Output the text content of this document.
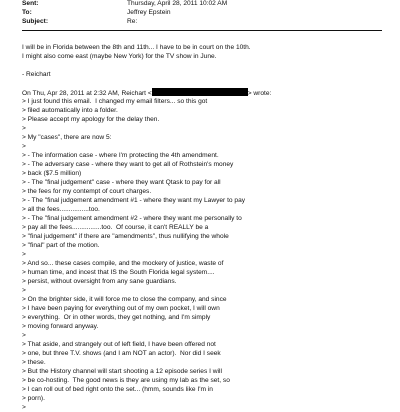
Sent:	Thursday, April 28, 2011 10:02 AM
To:	Jeffrey Epstein
Subject:	Re:
I will be in Florida between the 8th and 11th... I have to be in court on the 10th.
I might also come east (maybe New York) for the TV show in June.
- Reichart
On Thu, Apr 28, 2011 at 2:32 AM, Reichart <	> wrote:
> I just found this email.  I changed my email filters... so this got
> filed automatically into a folder.
> Please accept my apology for the delay then.
>
> My "cases", there are now 5:
>
> - The information case - where I'm protecting the 4th amendment.
> - The adversary case - where they want to get all of Rothstein's money
> back ($7.5 million)
> - The "final judgement" case - where they want Qtask to pay for all
> the fees for my contempt of court charges.
> - The "final judgement amendment #1 - where they want my Lawyer to pay
> all the fees................too.
> - The "final judgement amendment #2 - where they want me personally to
> pay all the fees................too.  Of course, it can't REALLY be a
> "final judgement" if there are "amendments", thus nullifying the whole
> "final" part of the motion.
>
> And so... these cases compile, and the mockery of justice, waste of
> human time, and incest that IS the South Florida legal system....
> persist, without oversight from any sane guardians.
>
> On the brighter side, it will force me to close the company, and since
> I have been paying for everything out of my own pocket, I will own
> everything.  Or in other words, they get nothing, and I'm simply
> moving forward anyway.
>
> That aside, and strangely out of left field, I have been offered not
> one, but three T.V. shows (and I am NOT an actor).  Nor did I seek
> these.
> But the History channel will start shooting a 12 episode series I will
> be co-hosting.  The good news is they are using my lab as the set, so
> I can roll out of bed right onto the set... (hmm, sounds like I'm in
> porn).
>
